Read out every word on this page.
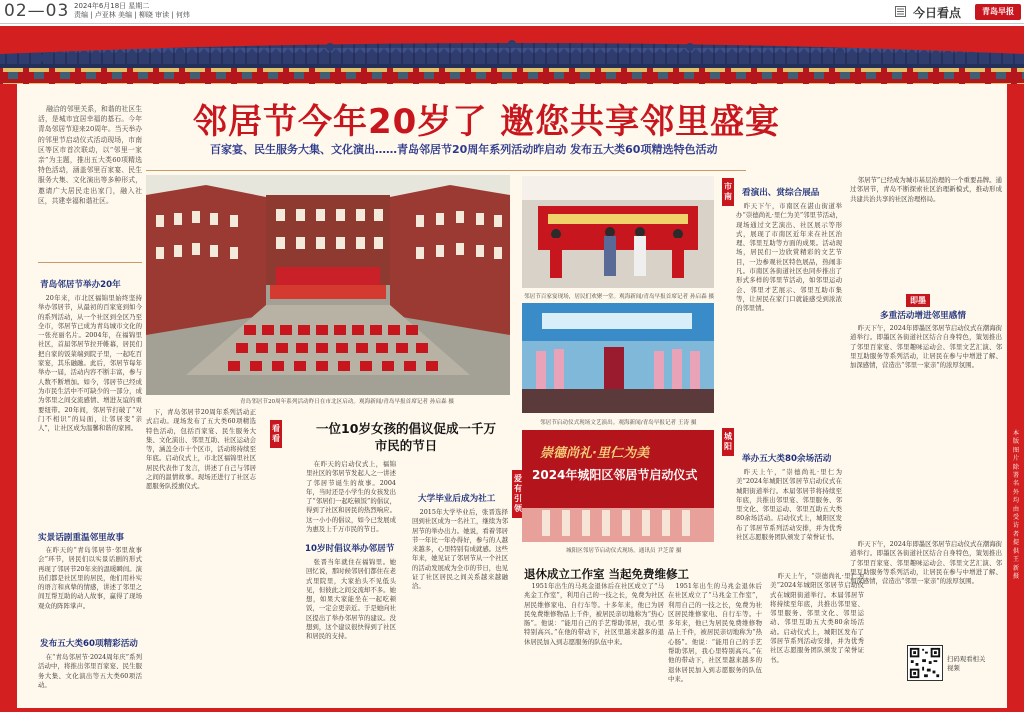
02—03 2024年6月18日 星期二
责编 | 卢亚林 美编 | 柳晓 审读 | 何炜	今日看点	青岛早报
邻居节今年20岁了 邀您共享邻里盛宴
百家宴、民生服务大集、文化演出……青岛邻居节20周年系列活动昨启动 发布五大类60项精选特色活动

融洽的邻里关系，和谐的社区生活，是城市宜居幸福的基石。今年青岛邻居节迎来20周年。当天举办的邻里节启动仪式活动现场，市南区等区市首次联动，以“邻里一家亲”为主题，推出五大类60项精选特色活动，涵盖邻里百家宴、民生服务大集、文化演出等多种形式，邀请广大居民走出家门，融入社区，共建幸福和谐社区。

青岛邻居节举办20年

20年来，市北区福锦里始终坚持举办邻居节，从最初的百家宴到如今的系列活动，从一个社区到全区乃至全市，邻居节已成为青岛城市文化的一张亮丽名片。2004年，在福锦里社区，首届邻居节拉开帷幕，居民们把自家的饭菜端到院子里，一起吃百家宴，其乐融融。此后，邻居节每年举办一届，活动内容不断丰富，参与人数不断增加。如今，邻居节已经成为市民生活中不可缺少的一部分，成为邻里之间交流感情、增进友谊的重要纽带。20年间，邻居节打破了“对门不相识”的局面，让邻居变“亲人”，让社区成为温馨和谐的家园。

实景话剧重温邻里故事

在昨天的“青岛邻居节·邻里故事会”环节，居民们以实景话剧的形式再现了邻居节20年来的温暖瞬间。演员们都是社区里的居民，他们用朴实的语言和真挚的情感，讲述了邻里之间互帮互助的动人故事，赢得了现场观众的阵阵掌声。

发布五大类60项精彩活动

在“青岛邻居节·2024周年庆”系列活动中，将推出邻里百家宴、民生服务大集、文化演出等五大类60项活动。

青岛邻居节20周年系列活动昨日在市北区启动。观海新闻/青岛早报首席记者 孙启森 摄

下，青岛邻居节20周年系列活动正式启动。现场发布了五大类60项精选特色活动，包括百家宴、民生服务大集、文化演出、邻里互助、社区运动会等，涵盖全市十个区市，活动将持续至年底。启动仪式上，市北区福锦里社区居民代表作了发言，讲述了自己与邻居之间的温情故事。现场还进行了社区志愿服务队授旗仪式。

看看
一位10岁女孩的倡议促成一千万市民的节日

在昨天的启动仪式上，福锦里社区的邻居节发起人之一讲述了邻居节诞生的故事。2004年，当时还是小学生的女孩发出了“邻居们一起吃顿饭”的倡议，得到了社区和居民的热烈响应。这一小小的倡议，如今已发展成为惠及上千万市民的节日。

10岁时倡议举办邻居节

张晋当年就住在福锦里。她回忆说，那时候邻居们都住在老式里院里，大家抬头不见低头见，但彼此之间交流却不多。她想，如果大家能坐在一起吃顿饭，一定会更亲近。于是她向社区提出了举办邻居节的建议。没想到，这个建议很快得到了社区和居民的支持。

大学毕业后成为社工

2015年大学毕业后，张晋选择回到社区成为一名社工，继续为邻居节的举办出力。她说，看着邻居节一年比一年办得好，参与的人越来越多，心里特别有成就感。这些年来，她见证了邻居节从一个社区的活动发展成为全市的节日，也见证了社区居民之间关系越来越融洽。

爱有引领
邻居节百家宴现场，居民们欢聚一堂。观海新闻/青岛早报首席记者 孙启森 摄
邻居节启动仪式现场文艺演出。观海新闻/青岛早报记者 王涛 摄
崇德尚礼·里仁为美
2024年城阳区邻居节启动仪式
城阳区邻居节启动仪式现场。通讯员 尹芝蕾 摄
退休成立工作室 当起免费维修工

1951年出生的马兆金退休后在社区成立了“马兆金工作室”，利用自己的一技之长，免费为社区居民维修家电、自行车等。十多年来，他已为居民免费维修物品上千件，被居民亲切地称为“热心肠”。他说：“能用自己的手艺帮助邻居，我心里特别高兴。”在他的带动下，社区里越来越多的退休居民加入到志愿服务的队伍中来。

1951年出生的马兆金退休后在社区成立了“马兆金工作室”，利用自己的一技之长，免费为社区居民维修家电、自行车等。十多年来，他已为居民免费维修物品上千件，被居民亲切地称为“热心肠”。他说：“能用自己的手艺帮助邻居，我心里特别高兴。”在他的带动下，社区里越来越多的退休居民加入到志愿服务的队伍中来。

市南 看演出、赏综合展品

昨天下午，市南区在湛山街道举办“崇德尚礼·里仁为美”邻里节活动，现场通过文艺演出、社区展示等形式，展现了市南区近年来在社区治理、邻里互助等方面的成果。活动现场，居民们一边欣赏精彩的文艺节目，一边参观社区特色展品，热闹非凡。市南区各街道社区也同步推出了形式多样的邻里节活动，如邻里运动会、邻里才艺展示、邻里互助市集等，让居民在家门口就能感受到浓浓的邻里情。

城阳
举办五大类80余场活动

昨天上午，“崇德尚礼·里仁为美”2024年城阳区邻居节启动仪式在城阳街道举行。本届邻居节将持续至年底，共推出邻里宴、邻里服务、邻里文化、邻里运动、邻里互助五大类80余场活动。启动仪式上，城阳区发布了邻居节系列活动安排，并为优秀社区志愿服务团队颁发了荣誉证书。

昨天上午，“崇德尚礼·里仁为美”2024年城阳区邻居节启动仪式在城阳街道举行。本届邻居节将持续至年底，共推出邻里宴、邻里服务、邻里文化、邻里运动、邻里互助五大类80余场活动。启动仪式上，城阳区发布了邻居节系列活动安排，并为优秀社区志愿服务团队颁发了荣誉证书。

邻居节”已经成为城市基层治理的一个重要品牌。通过邻居节，青岛不断探索社区治理新模式，推动形成共建共治共享的社区治理格局。

即墨
多重活动增进邻里感情

昨天下午，2024年即墨区邻居节启动仪式在潮海街道举行。即墨区各街道社区结合自身特色，策划推出了邻里百家宴、邻里趣味运动会、邻里文艺汇演、邻里互助服务等系列活动，让居民在参与中增进了解、加深感情，营造出“邻里一家亲”的浓厚氛围。

昨天下午，2024年即墨区邻居节启动仪式在潮海街道举行。即墨区各街道社区结合自身特色，策划推出了邻里百家宴、邻里趣味运动会、邻里文艺汇演、邻里互助服务等系列活动，让居民在参与中增进了解、加深感情，营造出“邻里一家亲”的浓厚氛围。

扫码观看相关视频
本版图片除署名外均由受访者提供 王新 摄
